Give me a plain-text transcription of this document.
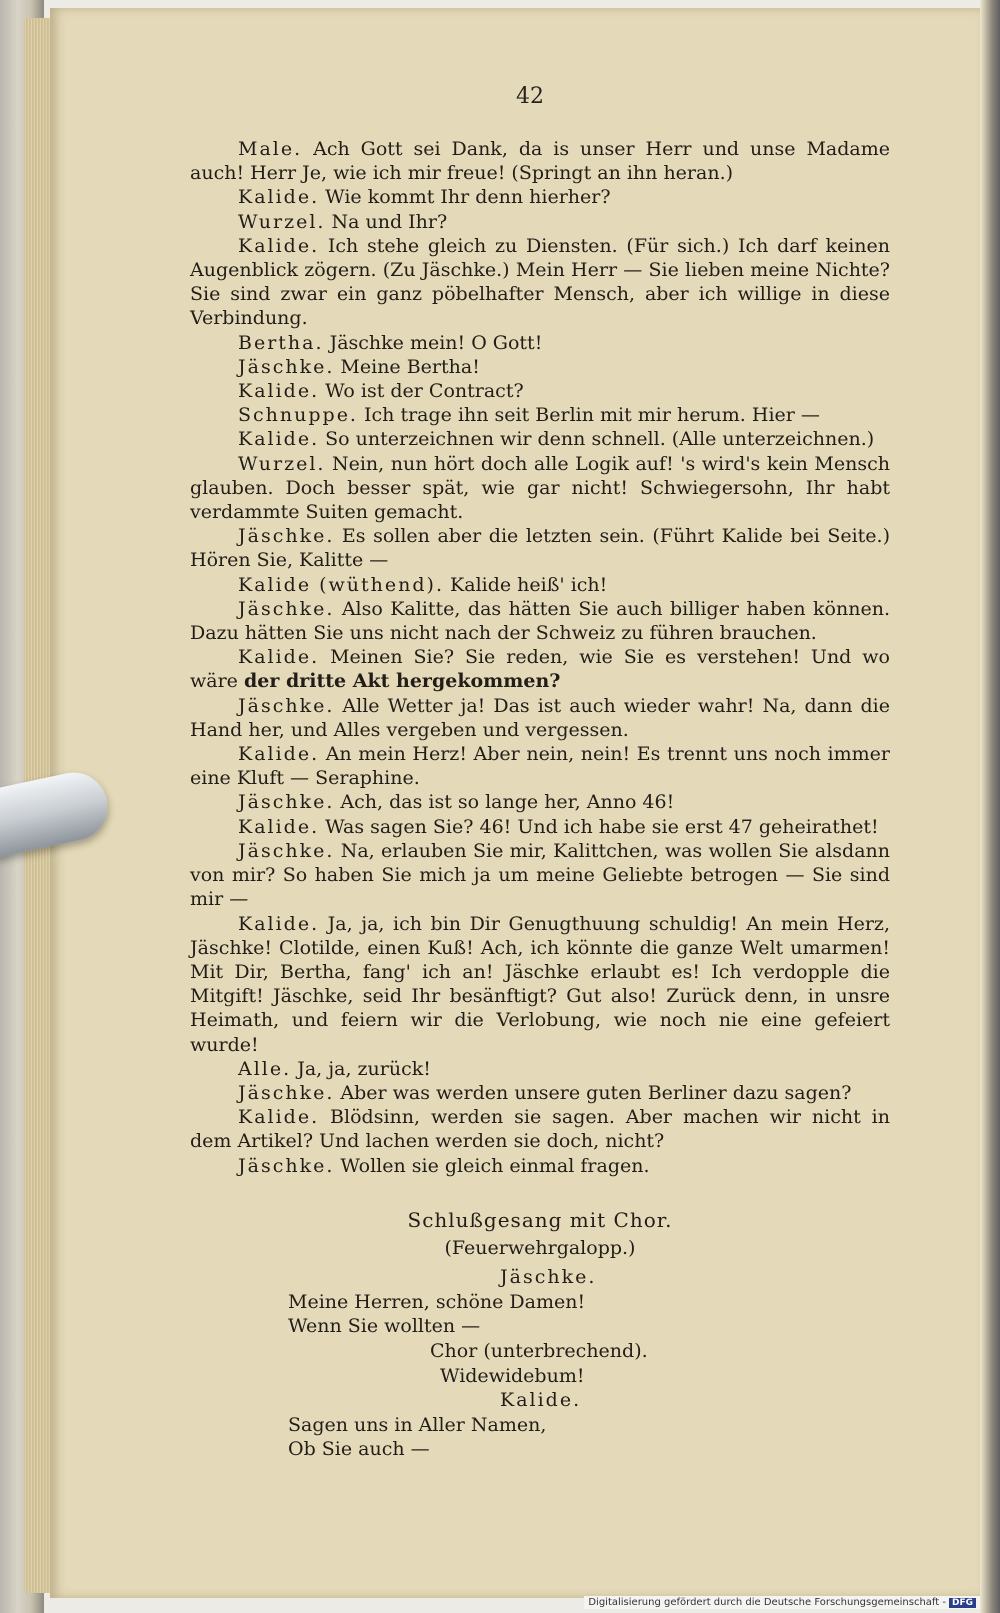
42

Male. Ach Gott sei Dank, da is unser Herr und unse Madame auch! Herr Je, wie ich mir freue! (Springt an ihn heran.)

Kalide. Wie kommt Ihr denn hierher?

Wurzel. Na und Ihr?

Kalide. Ich stehe gleich zu Diensten. (Für sich.) Ich darf keinen Augenblick zögern. (Zu Jäschke.) Mein Herr — Sie lieben meine Nichte? Sie sind zwar ein ganz pöbelhafter Mensch, aber ich willige in diese Verbindung.

Bertha. Jäschke mein! O Gott!

Jäschke. Meine Bertha!

Kalide. Wo ist der Contract?

Schnuppe. Ich trage ihn seit Berlin mit mir herum. Hier —

Kalide. So unterzeichnen wir denn schnell. (Alle unterzeichnen.)

Wurzel. Nein, nun hört doch alle Logik auf! 's wird's kein Mensch glauben. Doch besser spät, wie gar nicht! Schwiegersohn, Ihr habt verdammte Suiten gemacht.

Jäschke. Es sollen aber die letzten sein. (Führt Kalide bei Seite.) Hören Sie, Kalitte —

Kalide (wüthend). Kalide heiß' ich!

Jäschke. Also Kalitte, das hätten Sie auch billiger haben können. Dazu hätten Sie uns nicht nach der Schweiz zu führen brauchen.

Kalide. Meinen Sie? Sie reden, wie Sie es verstehen! Und wo wäre der dritte Akt hergekommen?

Jäschke. Alle Wetter ja! Das ist auch wieder wahr! Na, dann die Hand her, und Alles vergeben und vergessen.

Kalide. An mein Herz! Aber nein, nein! Es trennt uns noch immer eine Kluft — Seraphine.

Jäschke. Ach, das ist so lange her, Anno 46!

Kalide. Was sagen Sie? 46! Und ich habe sie erst 47 geheirathet!

Jäschke. Na, erlauben Sie mir, Kalittchen, was wollen Sie alsdann von mir? So haben Sie mich ja um meine Geliebte betrogen — Sie sind mir —

Kalide. Ja, ja, ich bin Dir Genugthuung schuldig! An mein Herz, Jäschke! Clotilde, einen Kuß! Ach, ich könnte die ganze Welt umarmen! Mit Dir, Bertha, fang' ich an! Jäschke erlaubt es! Ich verdopple die Mitgift! Jäschke, seid Ihr besänftigt? Gut also! Zurück denn, in unsre Heimath, und feiern wir die Verlobung, wie noch nie eine gefeiert wurde!

Alle. Ja, ja, zurück!

Jäschke. Aber was werden unsere guten Berliner dazu sagen?

Kalide. Blödsinn, werden sie sagen. Aber machen wir nicht in dem Artikel? Und lachen werden sie doch, nicht?

Jäschke. Wollen sie gleich einmal fragen.

Schlußgesang mit Chor.

(Feuerwehrgalopp.)

Jäschke.

Meine Herren, schöne Damen!

Wenn Sie wollten —

Chor (unterbrechend).

Widewidebum!

Kalide.

Sagen uns in Aller Namen,

Ob Sie auch —

Digitalisierung gefördert durch die Deutsche Forschungsgemeinschaft - DFG
